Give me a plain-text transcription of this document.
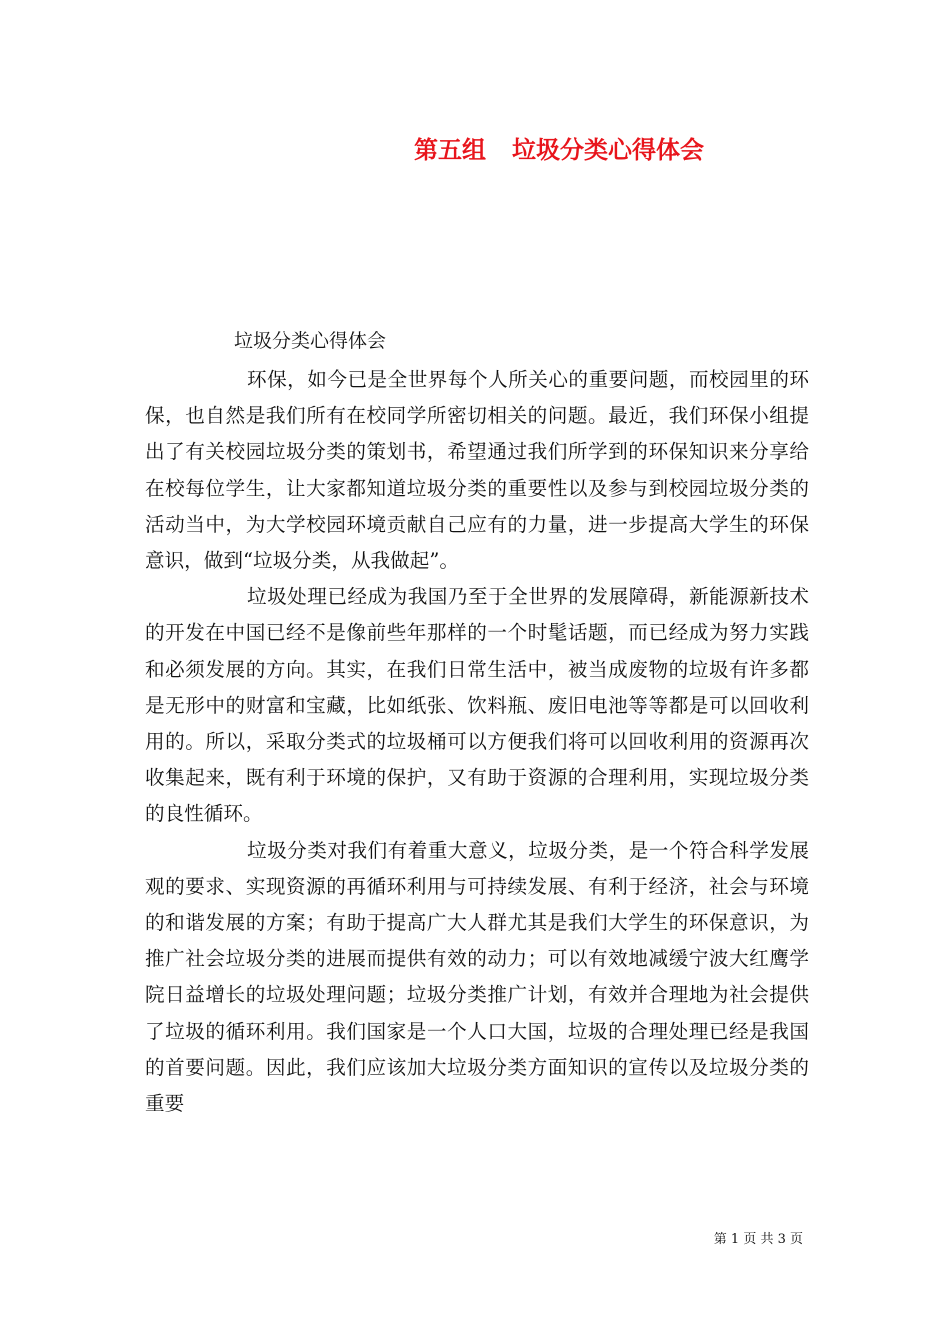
第五组 垃圾分类心得体会
垃圾分类心得体会

环保，如今已是全世界每个人所关心的重要问题，而校园里的环保，也自然是我们所有在校同学所密切相关的问题。最近，我们环保小组提出了有关校园垃圾分类的策划书，希望通过我们所学到的环保知识来分享给在校每位学生，让大家都知道垃圾分类的重要性以及参与到校园垃圾分类的活动当中，为大学校园环境贡献自己应有的力量，进一步提高大学生的环保意识，做到“垃圾分类，从我做起”。

垃圾处理已经成为我国乃至于全世界的发展障碍，新能源新技术的开发在中国已经不是像前些年那样的一个时髦话题，而已经成为努力实践和必须发展的方向。其实，在我们日常生活中，被当成废物的垃圾有许多都是无形中的财富和宝藏，比如纸张、饮料瓶、废旧电池等等都是可以回收利用的。所以，采取分类式的垃圾桶可以方便我们将可以回收利用的资源再次收集起来，既有利于环境的保护，又有助于资源的合理利用，实现垃圾分类的良性循环。

垃圾分类对我们有着重大意义，垃圾分类，是一个符合科学发展观的要求、实现资源的再循环利用与可持续发展、有利于经济，社会与环境的和谐发展的方案；有助于提高广大人群尤其是我们大学生的环保意识，为推广社会垃圾分类的进展而提供有效的动力；可以有效地减缓宁波大红鹰学院日益增长的垃圾处理问题；垃圾分类推广计划，有效并合理地为社会提供了垃圾的循环利用。我们国家是一个人口大国，垃圾的合理处理已经是我国的首要问题。因此，我们应该加大垃圾分类方面知识的宣传以及垃圾分类的重要

第 1 页 共 3 页
